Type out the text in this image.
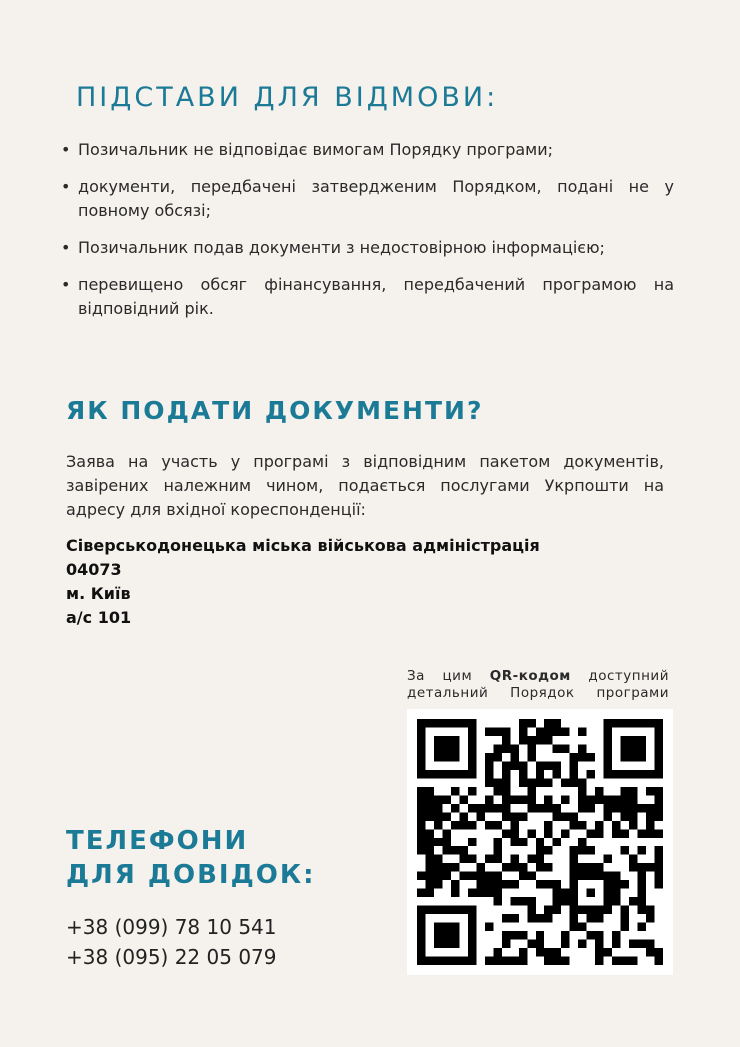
ПІДСТАВИ ДЛЯ ВІДМОВИ:
• Позичальник не відповідає вимогам Порядку програми;
• документи, передбачені затвердженим Порядком, подані не у повному обсязі;
• Позичальник подав документи з недостовірною інформацією;
• перевищено обсяг фінансування, передбачений програмою на відповідний рік.
ЯК ПОДАТИ ДОКУМЕНТИ?

Заява на участь у програмі з відповідним пакетом документів, завірених належним чином, подається послугами Укрпошти на адресу для вхідної кореспонденції:

Сіверськодонецька міська військова адміністрація
04073
м. Київ
а/с 101
За цим QR-кодом доступний детальний Порядок програми
ТЕЛЕФОНИ
ДЛЯ ДОВІДОК:
+38 (099) 78 10 541
+38 (095) 22 05 079
